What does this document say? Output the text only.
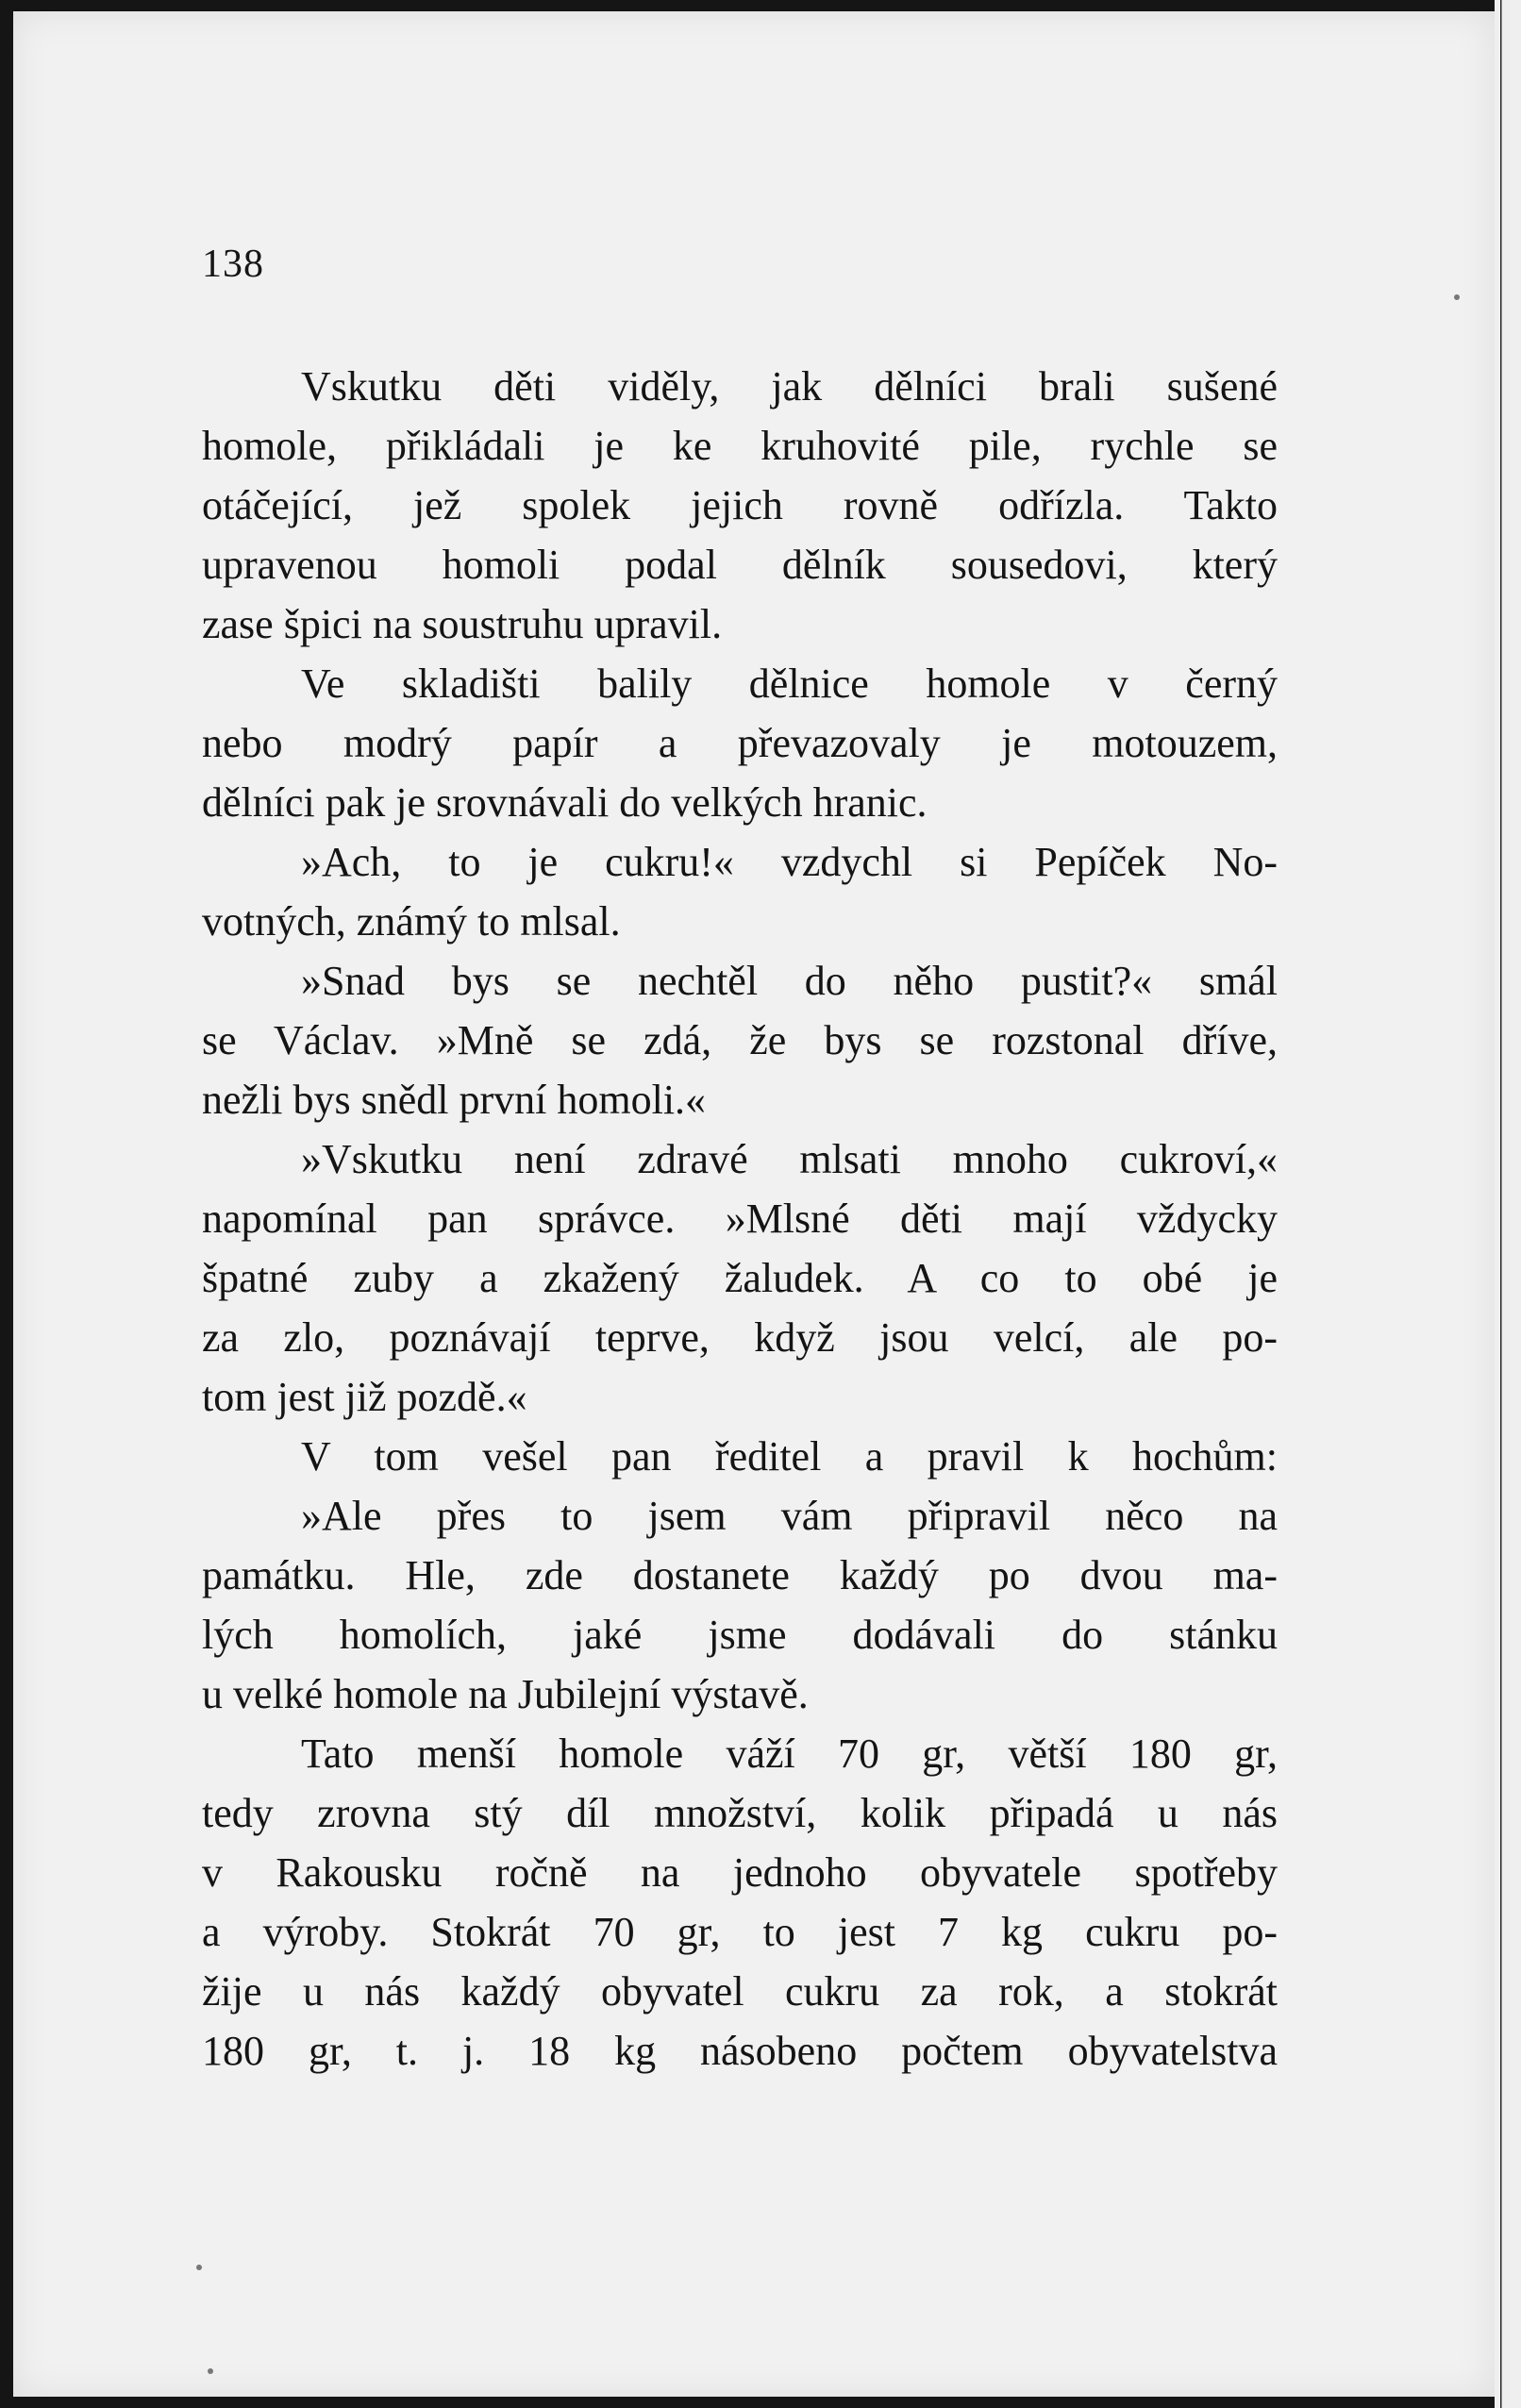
138
Vskutku děti viděly, jak dělníci brali sušené
homole, přikládali je ke kruhovité pile, rychle se
otáčející, jež spolek jejich rovně odřízla. Takto
upravenou homoli podal dělník sousedovi, který
zase špici na soustruhu upravil.
Ve skladišti balily dělnice homole v černý
nebo modrý papír a převazovaly je motouzem,
dělníci pak je srovnávali do velkých hranic.
»Ach, to je cukru!« vzdychl si Pepíček No-
votných, známý to mlsal.
»Snad bys se nechtěl do něho pustit?« smál
se Václav. »Mně se zdá, že bys se rozstonal dříve,
nežli bys snědl první homoli.«
»Vskutku není zdravé mlsati mnoho cukroví,«
napomínal pan správce. »Mlsné děti mají vždycky
špatné zuby a zkažený žaludek. A co to obé je
za zlo, poznávají teprve, když jsou velcí, ale po-
tom jest již pozdě.«
V tom vešel pan ředitel a pravil k hochům:
»Ale přes to jsem vám připravil něco na
památku. Hle, zde dostanete každý po dvou ma-
lých homolích, jaké jsme dodávali do stánku
u velké homole na Jubilejní výstavě.
Tato menší homole váží 70 gr, větší 180 gr,
tedy zrovna stý díl množství, kolik připadá u nás
v Rakousku ročně na jednoho obyvatele spotřeby
a výroby. Stokrát 70 gr, to jest 7 kg cukru po-
žije u nás každý obyvatel cukru za rok, a stokrát
180 gr, t. j. 18 kg násobeno počtem obyvatelstva
